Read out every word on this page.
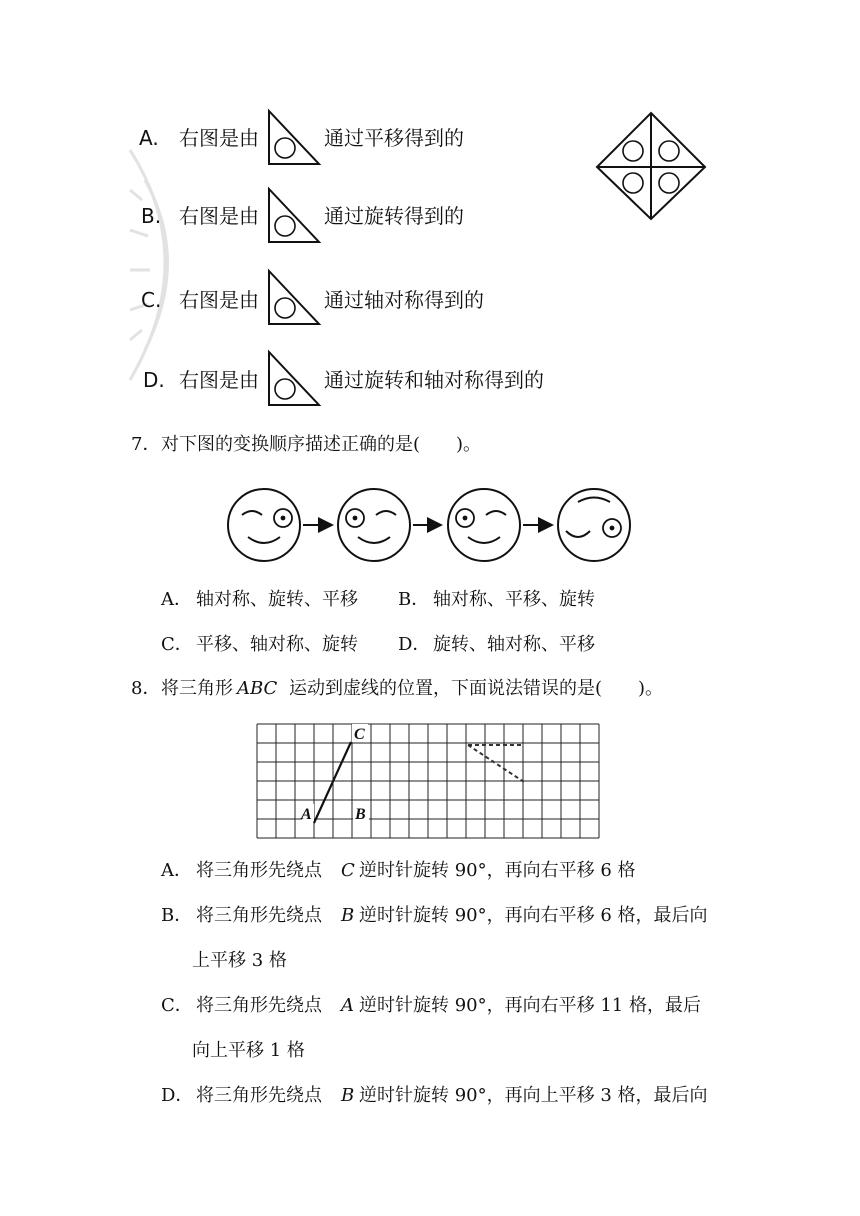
A. 右图是由	通过平移得到的
B. 右图是由	通过旋转得到的
C. 右图是由	通过轴对称得到的
D. 右图是由	通过旋转和轴对称得到的
7． 对下图的变换顺序描述正确的是(　　)。
A． 轴对称、旋转、平移 B． 轴对称、平移、旋转
C． 平移、轴对称、旋转 D． 旋转、轴对称、平移
8． 将三角形 ABC 运动到虚线的位置，下面说法错误的是(　　)。
A	B
C
A． 将三角形先绕点 C 逆时针旋转 90°，再向右平移 6 格
B． 将三角形先绕点 B 逆时针旋转 90°，再向右平移 6 格，最后向
上平移 3 格
C． 将三角形先绕点 A 逆时针旋转 90°，再向右平移 11 格，最后
向上平移 1 格
D． 将三角形先绕点 B 逆时针旋转 90°，再向上平移 3 格，最后向
